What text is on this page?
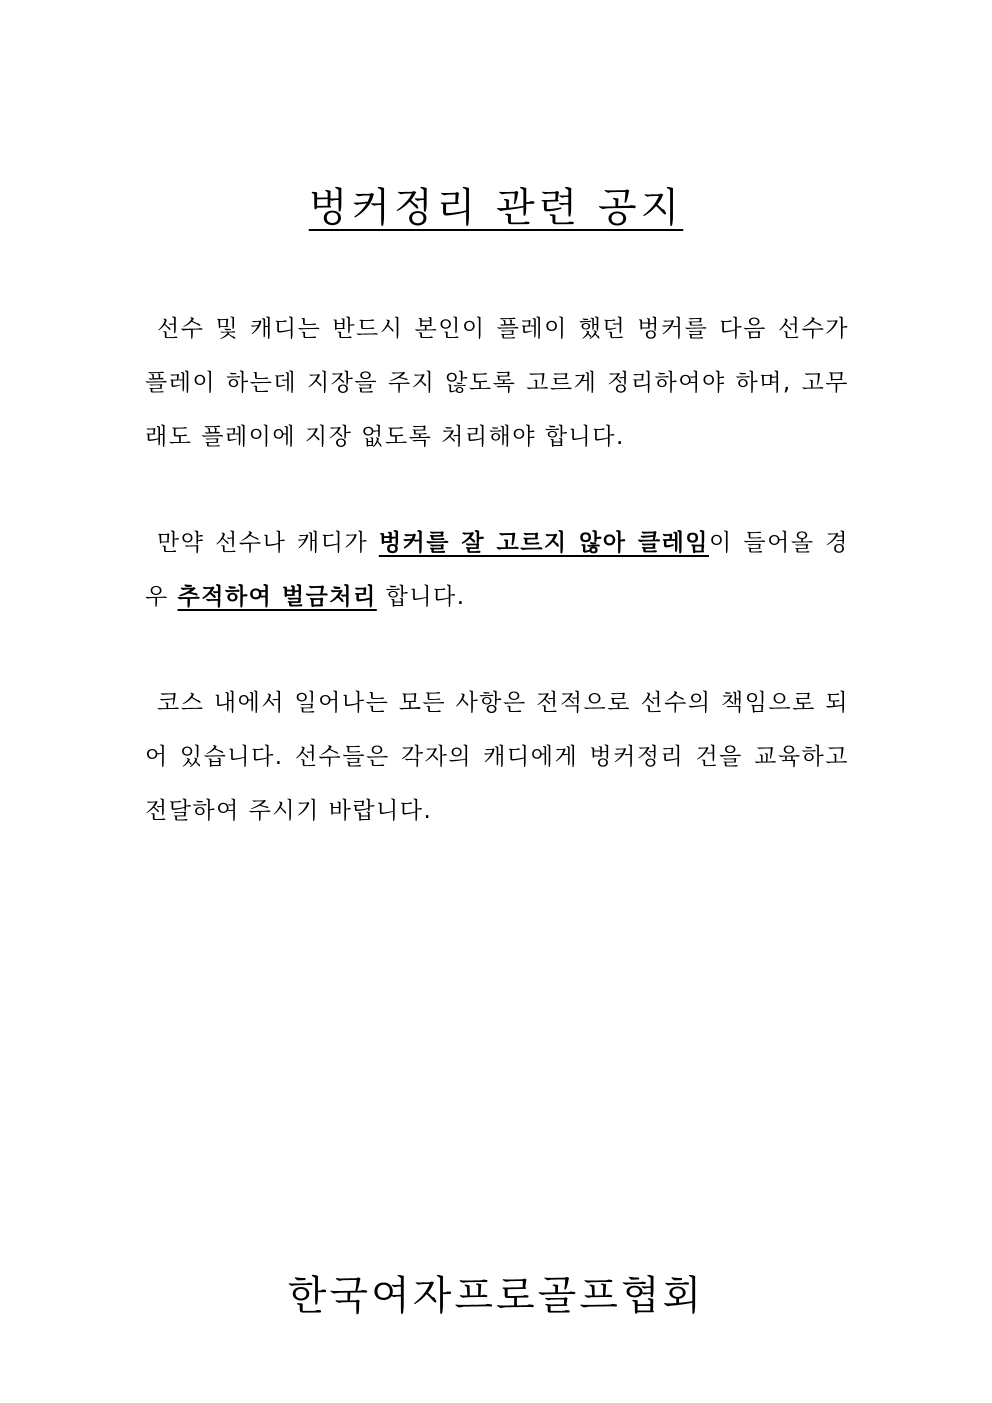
벙커정리 관련 공지

선수 및 캐디는 반드시 본인이 플레이 했던 벙커를 다음 선수가 플레이 하는데 지장을 주지 않도록 고르게 정리하여야 하며, 고무래도 플레이에 지장 없도록 처리해야 합니다.

만약 선수나 캐디가 벙커를 잘 고르지 않아 클레임이 들어올 경우 추적하여 벌금처리 합니다.

코스 내에서 일어나는 모든 사항은 전적으로 선수의 책임으로 되어 있습니다. 선수들은 각자의 캐디에게 벙커정리 건을 교육하고 전달하여 주시기 바랍니다.

한국여자프로골프협회
